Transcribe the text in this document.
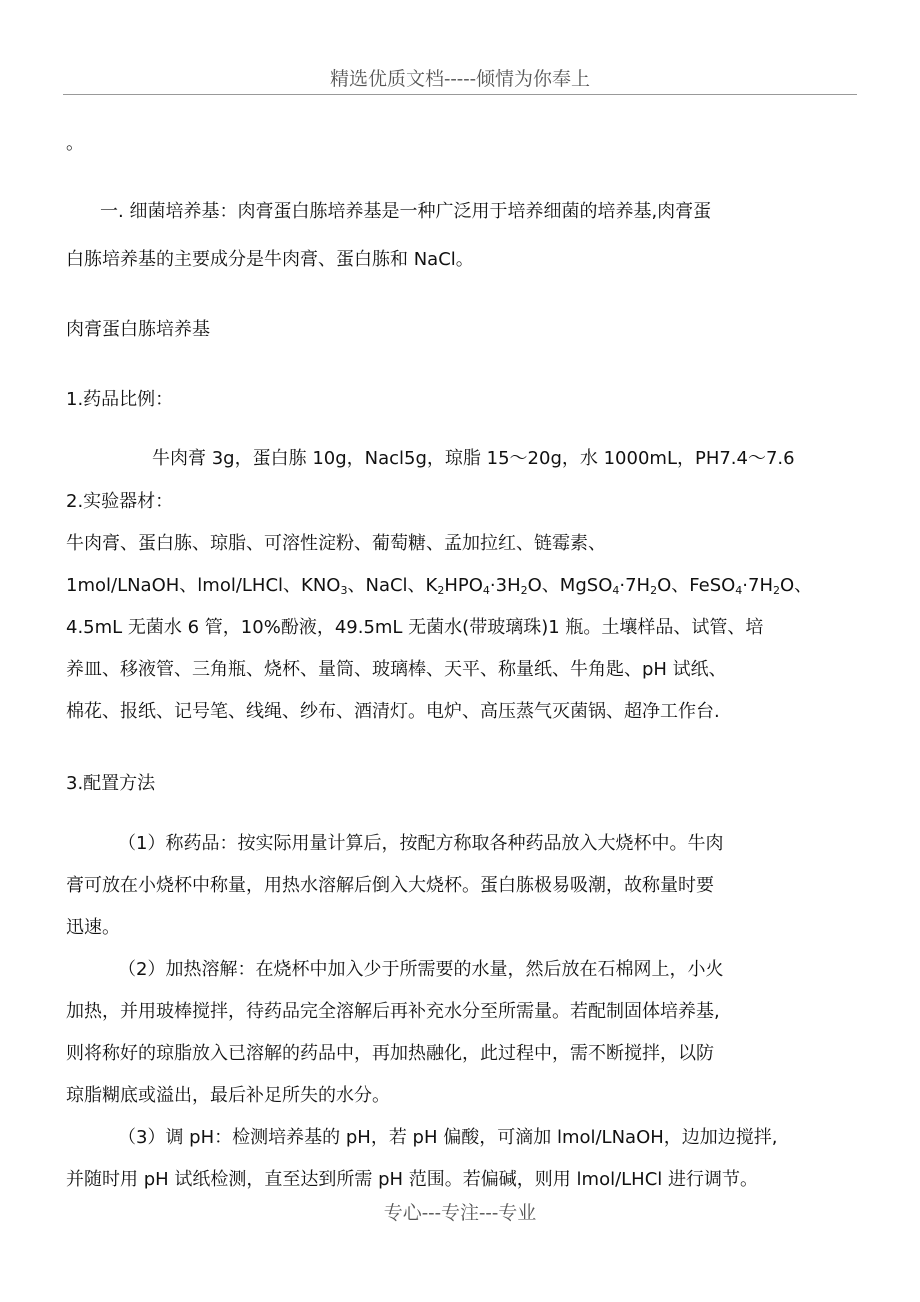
精选优质文档-----倾情为你奉上
。
一. 细菌培养基：肉膏蛋白胨培养基是一种广泛用于培养细菌的培养基,肉膏蛋
白胨培养基的主要成分是牛肉膏、蛋白胨和 NaCl。
肉膏蛋白胨培养基
1.药品比例：
牛肉膏 3g，蛋白胨 10g，Nacl5g，琼脂 15～20g，水 1000mL，PH7.4～7.6
2.实验器材：
牛肉膏、蛋白胨、琼脂、可溶性淀粉、葡萄糖、孟加拉红、链霉素、
1mol/LNaOH、lmol/LHCl、$KNO_3$、NaCl、$K_2HPO_4\cdot 3H_2O$、$MgSO_4\cdot 7H_2O$、$FeSO_4\cdot 7H_2O$、
4.5mL 无菌水 6 管，10%酚液，49.5mL 无菌水(带玻璃珠)1 瓶。土壤样品、试管、培
养皿、移液管、三角瓶、烧杯、量筒、玻璃棒、天平、称量纸、牛角匙、pH 试纸、
棉花、报纸、记号笔、线绳、纱布、酒清灯。电炉、高压蒸气灭菌锅、超净工作台.
3.配置方法
（1）称药品：按实际用量计算后，按配方称取各种药品放入大烧杯中。牛肉
膏可放在小烧杯中称量，用热水溶解后倒入大烧杯。蛋白胨极易吸潮，故称量时要
迅速。
（2）加热溶解：在烧杯中加入少于所需要的水量，然后放在石棉网上，小火
加热，并用玻棒搅拌，待药品完全溶解后再补充水分至所需量。若配制固体培养基,
则将称好的琼脂放入已溶解的药品中，再加热融化，此过程中，需不断搅拌，以防
琼脂糊底或溢出，最后补足所失的水分。
（3）调 pH：检测培养基的 pH，若 pH 偏酸，可滴加 lmol/LNaOH，边加边搅拌,
并随时用 pH 试纸检测，直至达到所需 pH 范围。若偏碱，则用 lmol/LHCl 进行调节。
专心---专注---专业
